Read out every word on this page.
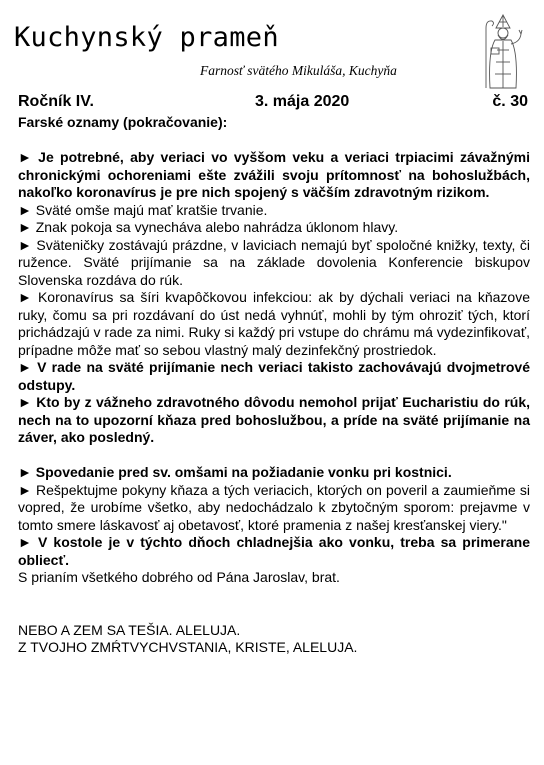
Kuchynský prameň
Farnosť svätého Mikuláša, Kuchyňa
Ročník IV.	3. mája 2020	č. 30

Farské oznamy (pokračovanie):

► Je potrebné, aby veriaci vo vyššom veku a veriaci trpiacimi závažnými chronickými ochoreniami ešte zvážili svoju prítomnosť na bohoslužbách, nakoľko koronavírus je pre nich spojený s väčším zdravotným rizikom.

► Sväté omše majú mať kratšie trvanie.

► Znak pokoja sa vynecháva alebo nahrádza úklonom hlavy.

► Sväteničky zostávajú prázdne, v laviciach nemajú byť spoločné knižky, texty, či ružence. Sväté prijímanie sa na základe dovolenia Konferencie biskupov Slovenska rozdáva do rúk.

► Koronavírus sa šíri kvapôčkovou infekciou: ak by dýchali veriaci na kňazove ruky, čomu sa pri rozdávaní do úst nedá vyhnúť, mohli by tým ohroziť tých, ktorí prichádzajú v rade za nimi. Ruky si každý pri vstupe do chrámu má vydezinfikovať, prípadne môže mať so sebou vlastný malý dezinfekčný prostriedok.

► V rade na sväté prijímanie nech veriaci takisto zachovávajú dvojmetrové odstupy.

► Kto by z vážneho zdravotného dôvodu nemohol prijať Eucharistiu do rúk, nech na to upozorní kňaza pred bohoslužbou, a príde na sväté prijímanie na záver, ako posledný.

► Spovedanie pred sv. omšami na požiadanie vonku pri kostnici.

► Rešpektujme pokyny kňaza a tých veriacich, ktorých on poveril a zaumieňme si vopred, že urobíme všetko, aby nedochádzalo k zbytočným sporom: prejavme v tomto smere láskavosť aj obetavosť, ktoré pramenia z našej kresťanskej viery."

► V kostole je v týchto dňoch chladnejšia ako vonku, treba sa primerane obliecť.

S prianím všetkého dobrého od Pána Jaroslav, brat.

NEBO A ZEM SA TEŠIA. ALELUJA.

Z TVOJHO ZMŔTVYCHVSTANIA, KRISTE, ALELUJA.
